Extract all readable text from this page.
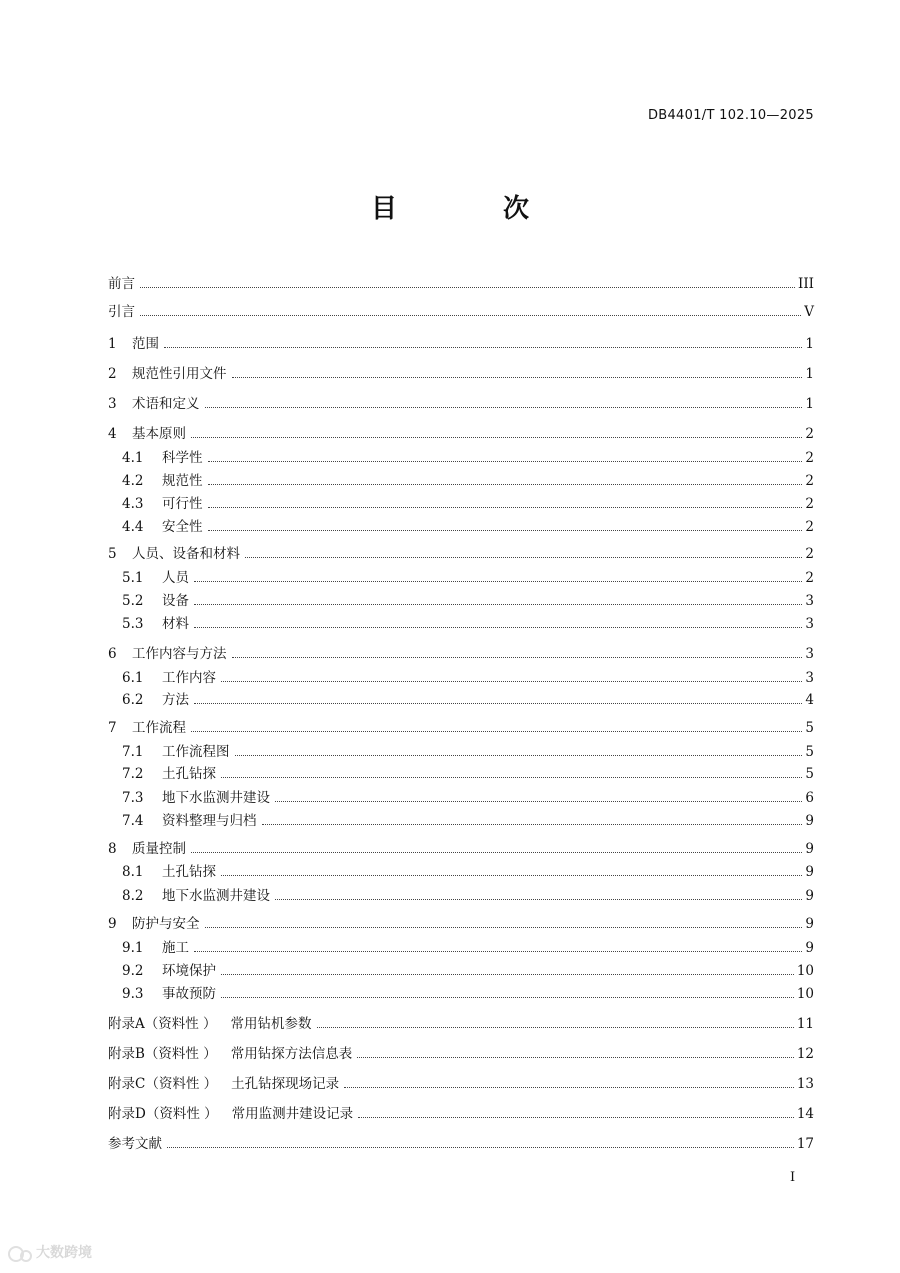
DB4401/T 102.10—2025
目　次
前言	III
引言	V
1	范围	1
2	规范性引用文件	1
3	术语和定义	1
4	基本原则	2
4.1	科学性	2
4.2	规范性	2
4.3	可行性	2
4.4	安全性	2
5	人员、设备和材料	2
5.1	人员	2
5.2	设备	3
5.3	材料	3
6	工作内容与方法	3
6.1	工作内容	3
6.2	方法	4
7	工作流程	5
7.1	工作流程图	5
7.2	土孔钻探	5
7.3	地下水监测井建设	6
7.4	资料整理与归档	9
8	质量控制	9
8.1	土孔钻探	9
8.2	地下水监测井建设	9
9	防护与安全	9
9.1	施工	9
9.2	环境保护	10
9.3	事故预防	10
附录A（资料性 ） 常用钻机参数	11
附录B（资料性 ） 常用钻探方法信息表	12
附录C（资料性 ） 土孔钻探现场记录	13
附录D（资料性 ） 常用监测井建设记录	14
参考文献	17
I
大数跨境
